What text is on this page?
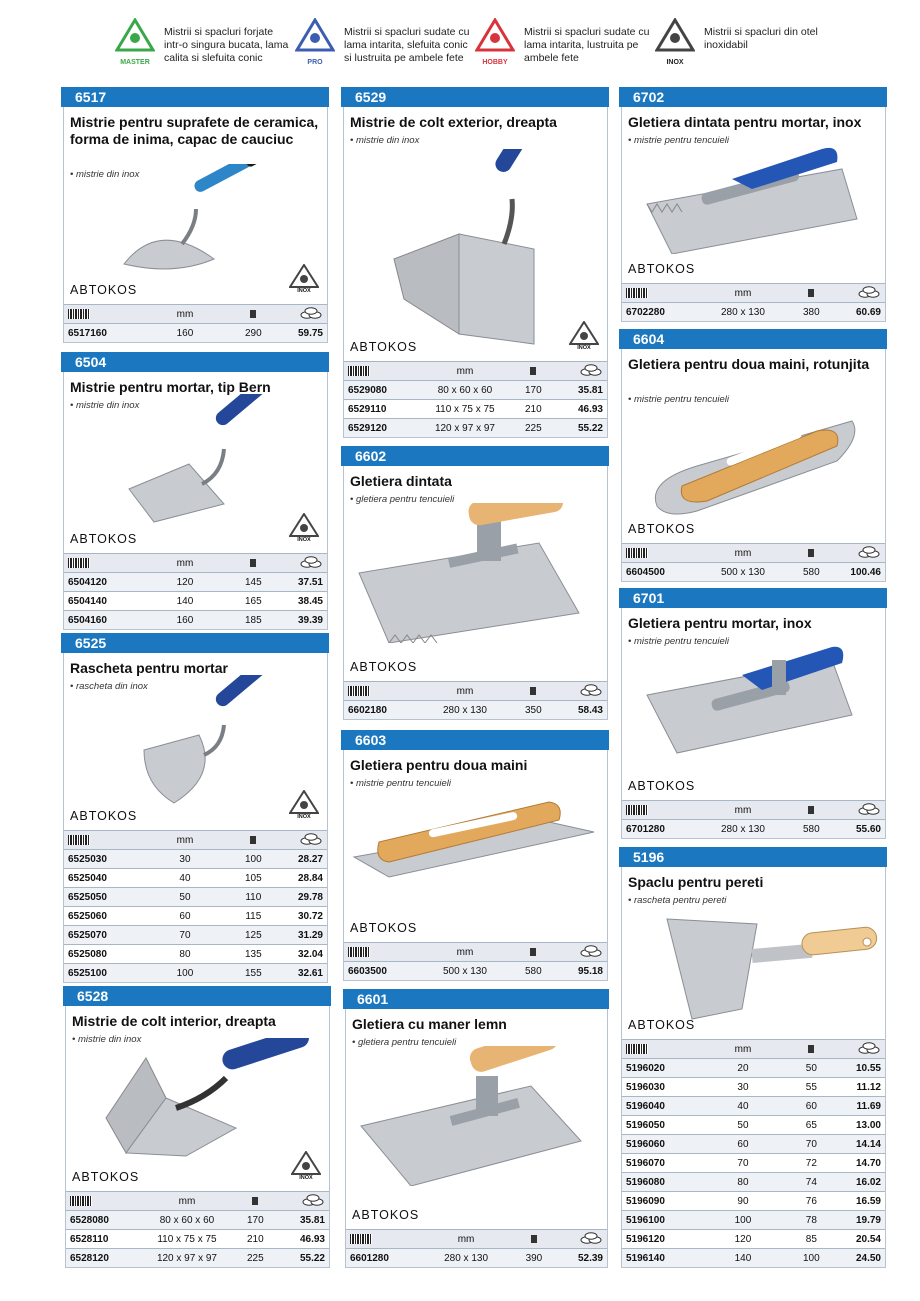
MASTER
Mistrii si spacluri forjate intr-o singura bucata, lama calita si slefuita conic	PRO
Mistrii si spacluri sudate cu lama intarita, slefuita conic si lustruita pe ambele fete	HOBBY
Mistrii si spacluri sudate cu lama intarita, lustruita pe ambele fete	INOX
Mistrii si spacluri din otel inoxidabil
6517
Mistrie pentru suprafete de ceramica, forma de inima, capac de cauciuc
• mistrie din inox
ABTOKOS	INOX
	mm		
6517160	160	290	59.75
6504
Mistrie pentru mortar, tip Bern
• mistrie din inox
ABTOKOS	INOX
	mm		
6504120	120	145	37.51
6504140	140	165	38.45
6504160	160	185	39.39
6525
Rascheta pentru mortar
• rascheta din inox
ABTOKOS	INOX
	mm		
6525030	30	100	28.27
6525040	40	105	28.84
6525050	50	110	29.78
6525060	60	115	30.72
6525070	70	125	31.29
6525080	80	135	32.04
6525100	100	155	32.61
6528
Mistrie de colt interior, dreapta
• mistrie din inox
ABTOKOS	INOX
	mm		
6528080	80 x 60 x 60	170	35.81
6528110	110 x 75 x 75	210	46.93
6528120	120 x 97 x 97	225	55.22
6529
Mistrie de colt exterior, dreapta
• mistrie din inox
ABTOKOS	INOX
	mm		
6529080	80 x 60 x 60	170	35.81
6529110	110 x 75 x 75	210	46.93
6529120	120 x 97 x 97	225	55.22
6602
Gletiera dintata
• gletiera pentru tencuieli
ABTOKOS
	mm		
6602180	280 x 130	350	58.43
6603
Gletiera pentru doua maini
• mistrie pentru tencuieli
ABTOKOS
	mm		
6603500	500 x 130	580	95.18
6601
Gletiera cu maner lemn
• gletiera pentru tencuieli
ABTOKOS
	mm		
6601280	280 x 130	390	52.39
6702
Gletiera dintata pentru mortar, inox
• mistrie pentru tencuieli
ABTOKOS
	mm		
6702280	280 x 130	380	60.69
6604
Gletiera pentru doua maini, rotunjita
• mistrie pentru tencuieli
ABTOKOS
	mm		
6604500	500 x 130	580	100.46
6701
Gletiera pentru mortar, inox
• mistrie pentru tencuieli
ABTOKOS
	mm		
6701280	280 x 130	580	55.60
5196
Spaclu pentru pereti
• rascheta pentru pereti
ABTOKOS
	mm		
5196020	20	50	10.55
5196030	30	55	11.12
5196040	40	60	11.69
5196050	50	65	13.00
5196060	60	70	14.14
5196070	70	72	14.70
5196080	80	74	16.02
5196090	90	76	16.59
5196100	100	78	19.79
5196120	120	85	20.54
5196140	140	100	24.50
